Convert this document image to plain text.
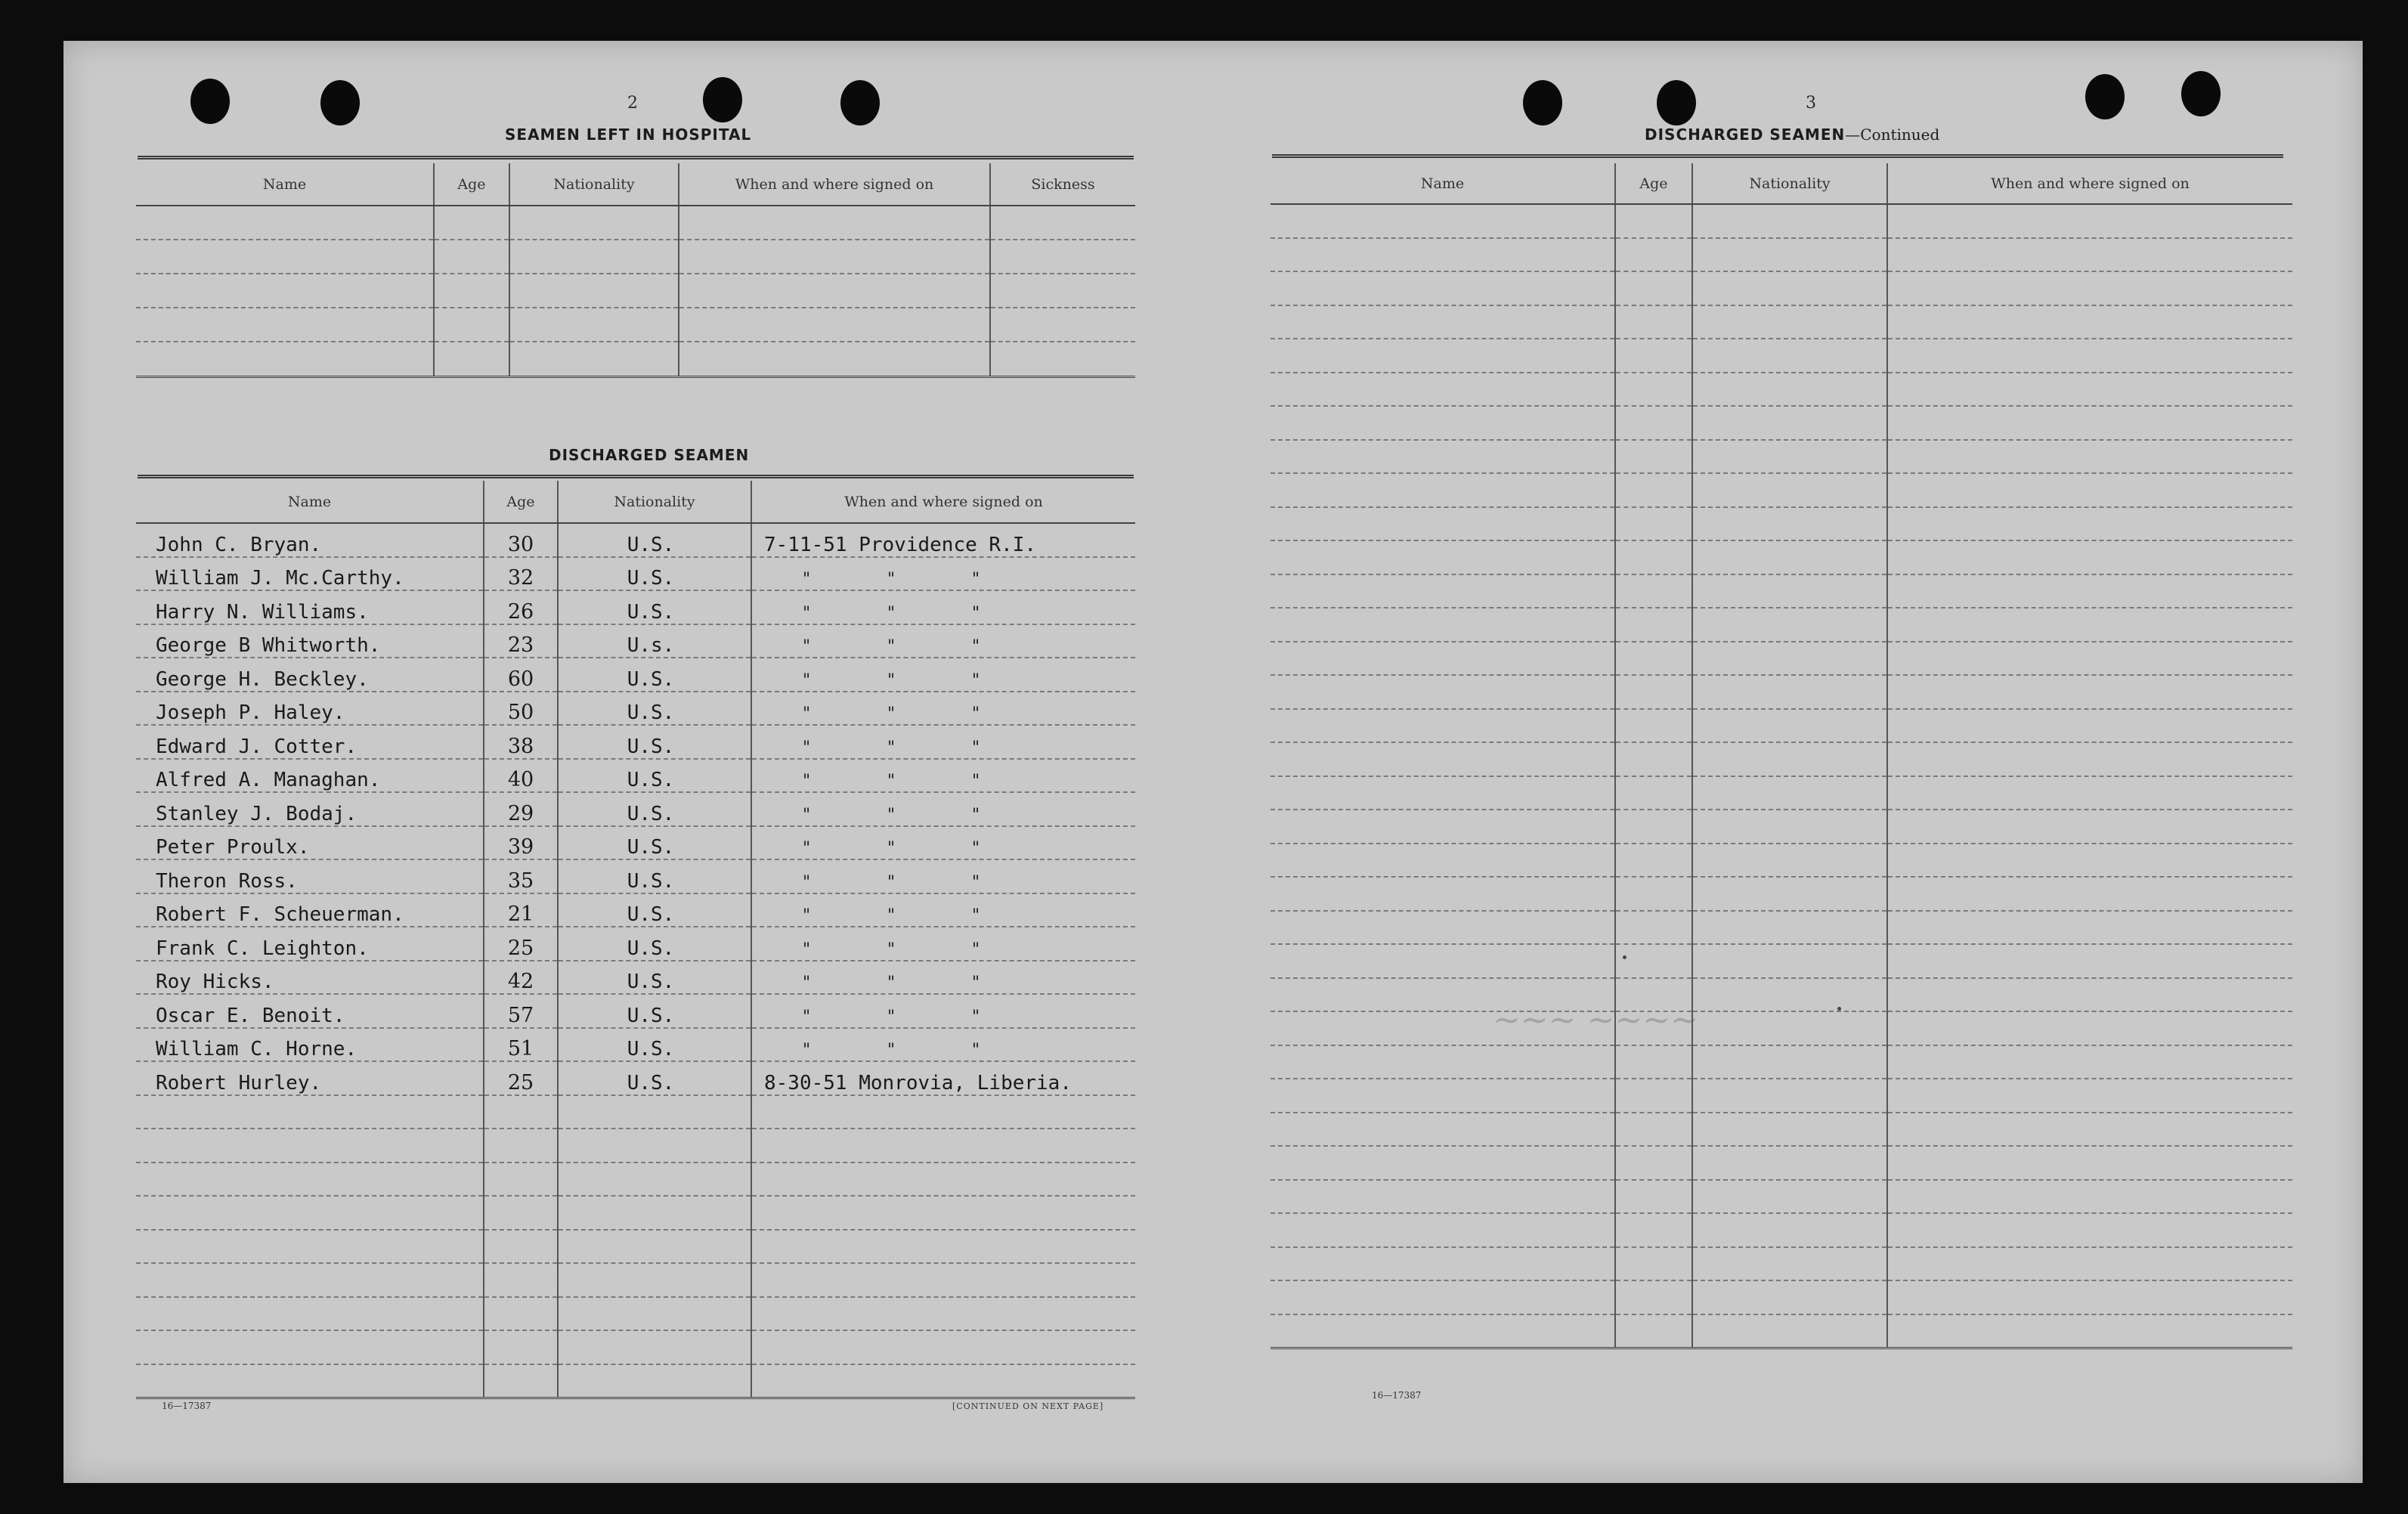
2
SEAMEN LEFT IN HOSPITAL
Name	Age	Nationality	When and where signed on	Sickness

DISCHARGED SEAMEN
Name	Age	Nationality	When and where signed on
John C. Bryan.	30	U.S.	7-11-51 Providence R.I.
William J. Mc.Carthy.	32	U.S.	" " "
Harry N. Williams.	26	U.S.	" " "
George B Whitworth.	23	U.s.	" " "
George H. Beckley.	60	U.S.	" " "
Joseph P. Haley.	50	U.S.	" " "
Edward J. Cotter.	38	U.S.	" " "
Alfred A. Managhan.	40	U.S.	" " "
Stanley J. Bodaj.	29	U.S.	" " "
Peter Proulx.	39	U.S.	" " "
Theron Ross.	35	U.S.	" " "
Robert F. Scheuerman.	21	U.S.	" " "
Frank C. Leighton.	25	U.S.	" " "
Roy Hicks.	42	U.S.	" " "
Oscar E. Benoit.	57	U.S.	" " "
William C. Horne.	51	U.S.	" " "
Robert Hurley.	25	U.S.	8-30-51 Monrovia, Liberia.

16—17387	[CONTINUED ON NEXT PAGE]
3
DISCHARGED SEAMEN—Continued
Name	Age	Nationality	When and where signed on

~~~ ~~~~
16—17387
